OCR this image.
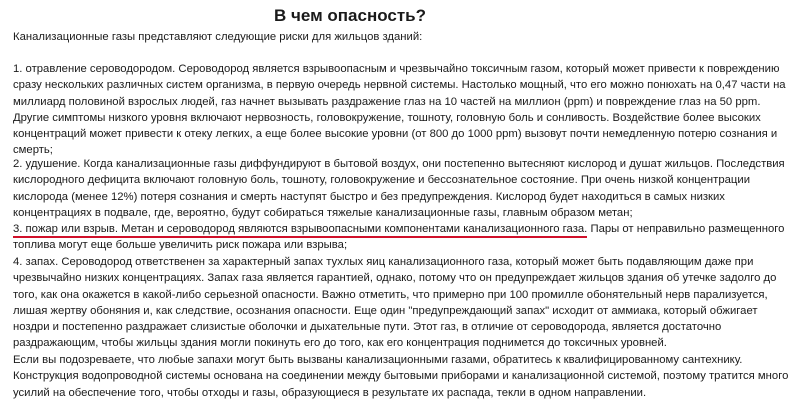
В чем опасность?

Канализационные газы представляют следующие риски для жильцов зданий:

1. отравление сероводородом. Сероводород является взрывоопасным и чрезвычайно токсичным газом, который может привести к повреждению
сразу нескольких различных систем организма, в первую очередь нервной системы. Настолько мощный, что его можно понюхать на 0,47 части на
миллиард половиной взрослых людей, газ начнет вызывать раздражение глаз на 10 частей на миллион (ppm) и повреждение глаз на 50 ppm.
Другие симптомы низкого уровня включают нервозность, головокружение, тошноту, головную боль и сонливость. Воздействие более высоких
концентраций может привести к отеку легких, а еще более высокие уровни (от 800 до 1000 ppm) вызовут почти немедленную потерю сознания и
смерть;

2. удушение. Когда канализационные газы диффундируют в бытовой воздух, они постепенно вытесняют кислород и душат жильцов. Последствия
кислородного дефицита включают головную боль, тошноту, головокружение и бессознательное состояние. При очень низкой концентрации
кислорода (менее 12%) потеря сознания и смерть наступят быстро и без предупреждения. Кислород будет находиться в самых низких
концентрациях в подвале, где, вероятно, будут собираться тяжелые канализационные газы, главным образом метан;

3. пожар или взрыв. Метан и сероводород являются взрывоопасными компонентами канализационного газа.
Пары от неправильно размещенного
топлива могут еще больше увеличить риск пожара или взрыва;

4. запах. Сероводород ответственен за характерный запах тухлых яиц канализационного газа, который может быть подавляющим даже при
чрезвычайно низких концентрациях. Запах газа является гарантией, однако, потому что он предупреждает жильцов здания об утечке задолго до
того, как она окажется в какой-либо серьезной опасности. Важно отметить, что примерно при 100 промилле обонятельный нерв парализуется,
лишая жертву обоняния и, как следствие, осознания опасности. Еще один "предупреждающий запах" исходит от аммиака, который обжигает
ноздри и постепенно раздражает слизистые оболочки и дыхательные пути. Этот газ, в отличие от сероводорода, является достаточно
раздражающим, чтобы жильцы здания могли покинуть его до того, как его концентрация поднимется до токсичных уровней.

Если вы подозреваете, что любые запахи могут быть вызваны канализационными газами, обратитесь к квалифицированному сантехнику.
Конструкция водопроводной системы основана на соединении между бытовыми приборами и канализационной системой, поэтому тратится много
усилий на обеспечение того, чтобы отходы и газы, образующиеся в результате их распада, текли в одном направлении.
